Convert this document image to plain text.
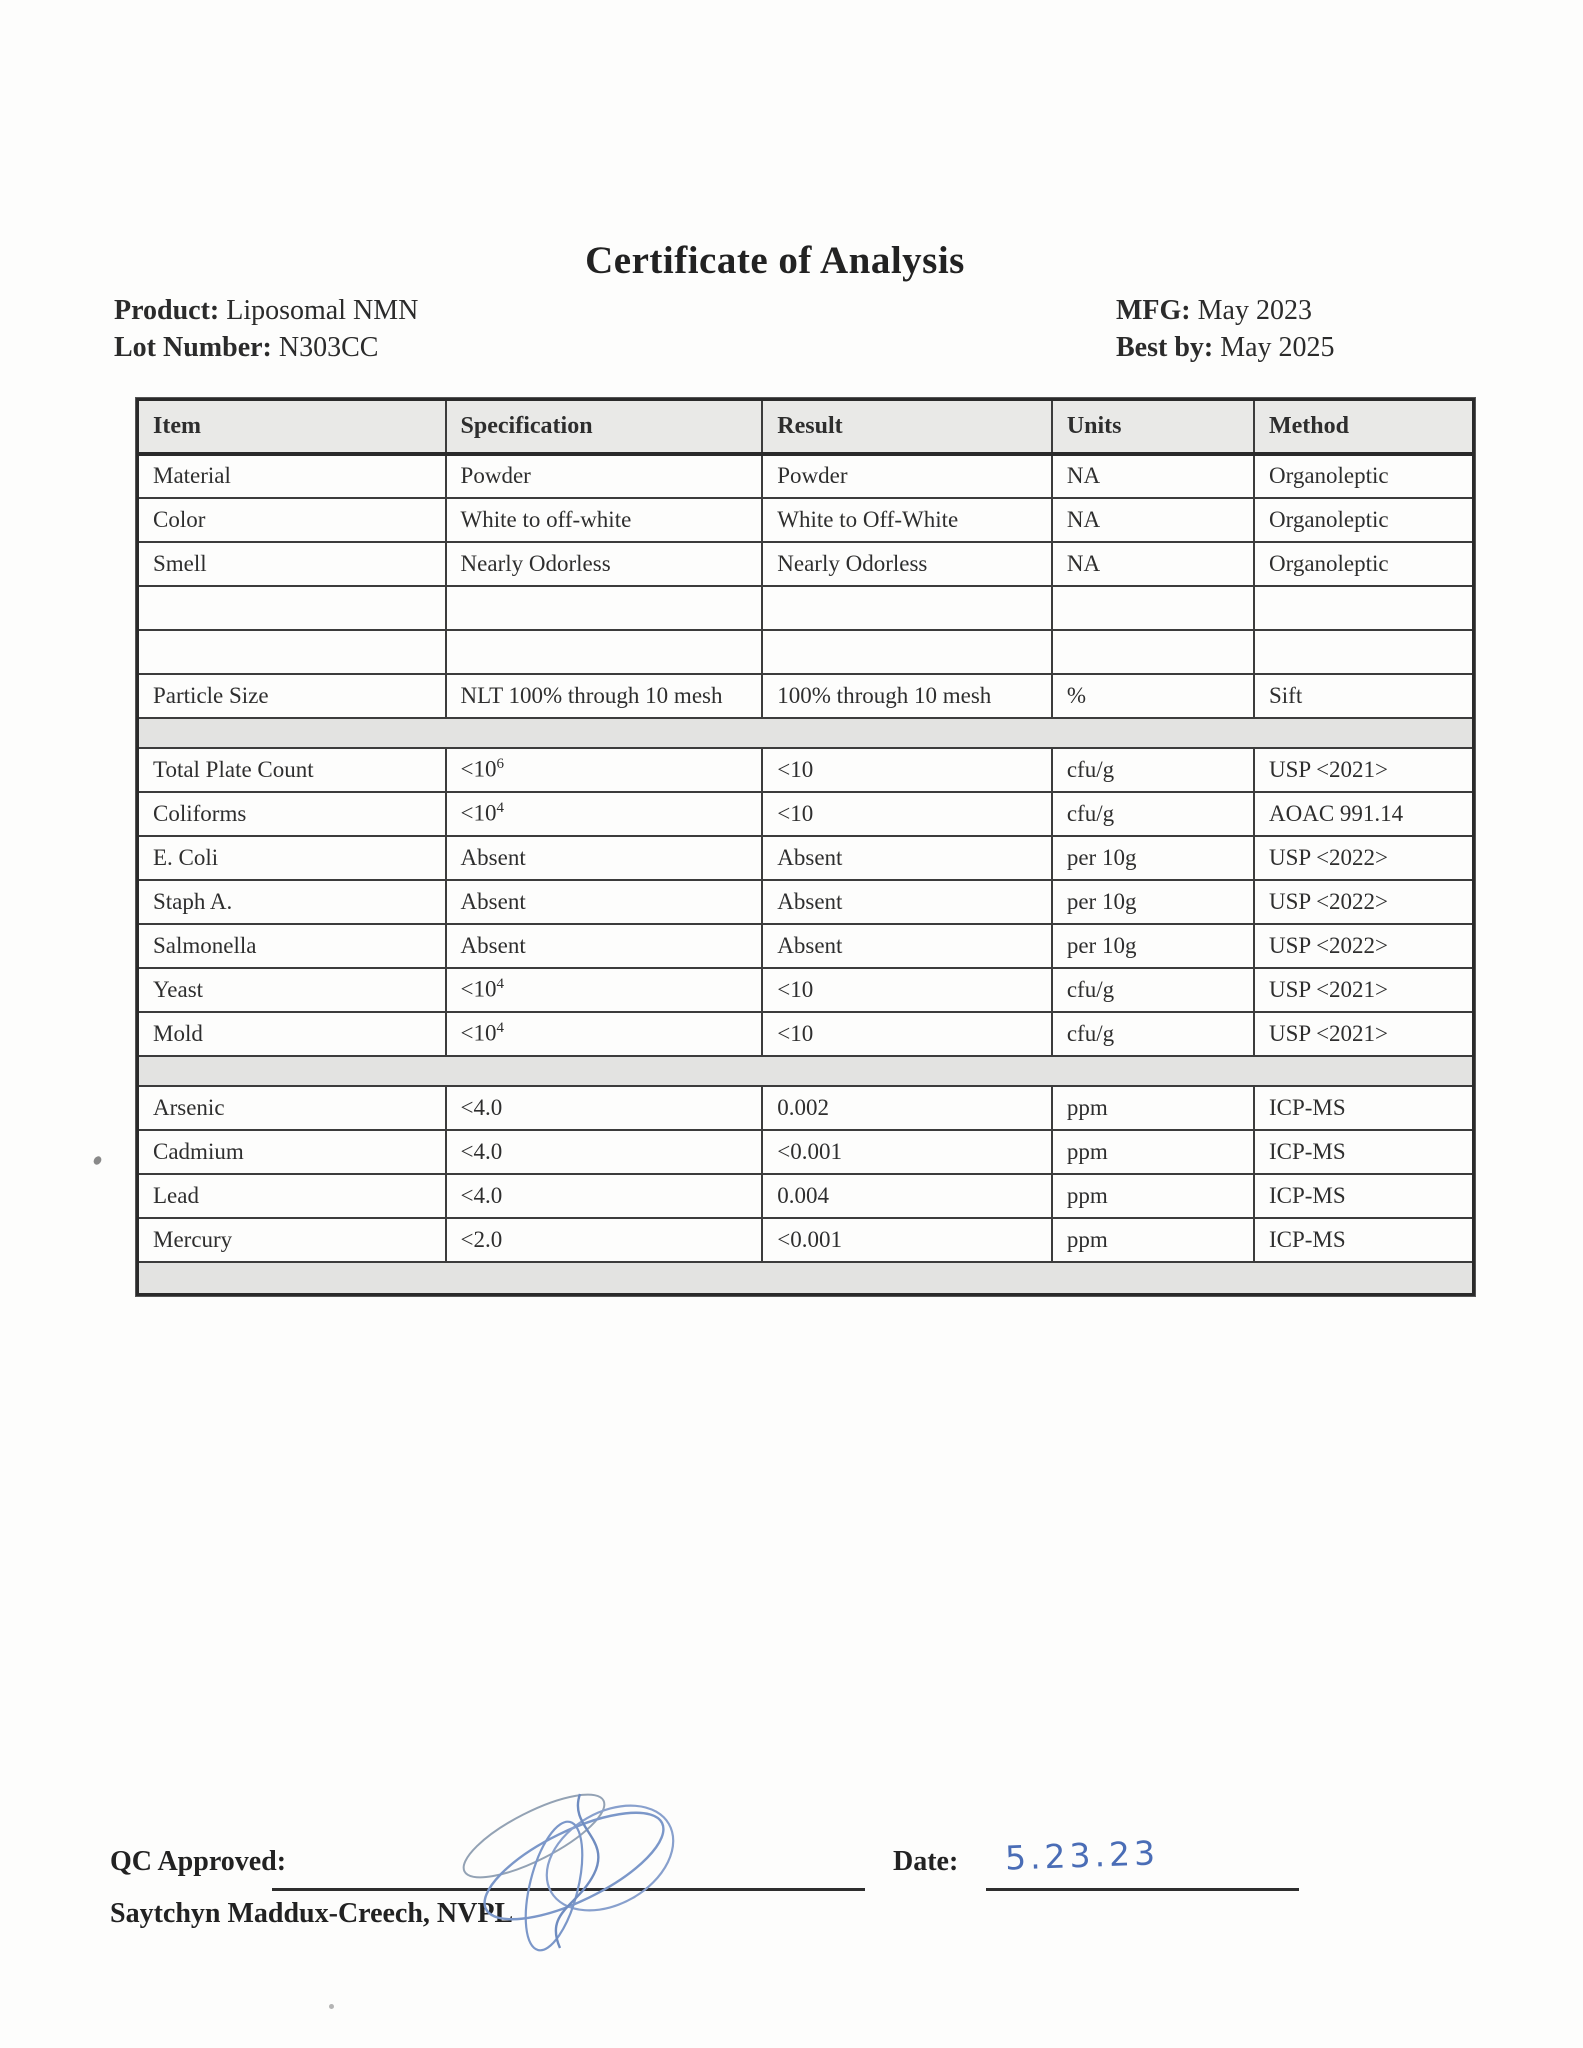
Certificate of Analysis
Product: Liposomal NMN
Lot Number: N303CC
MFG: May 2023
Best by: May 2025
Item	Specification	Result	Units	Method
Material	Powder	Powder	NA	Organoleptic
Color	White to off-white	White to Off-White	NA	Organoleptic
Smell	Nearly Odorless	Nearly Odorless	NA	Organoleptic

Particle Size	NLT 100% through 10 mesh	100% through 10 mesh	%	Sift

Total Plate Count	$<10^6$	<10	cfu/g	USP <2021>
Coliforms	$<10^4$	<10	cfu/g	AOAC 991.14
E. Coli	Absent	Absent	per 10g	USP <2022>
Staph A.	Absent	Absent	per 10g	USP <2022>
Salmonella	Absent	Absent	per 10g	USP <2022>
Yeast	$<10^4$	<10	cfu/g	USP <2021>
Mold	$<10^4$	<10	cfu/g	USP <2021>

Arsenic	<4.0	0.002	ppm	ICP-MS
Cadmium	<4.0	<0.001	ppm	ICP-MS
Lead	<4.0	0.004	ppm	ICP-MS
Mercury	<2.0	<0.001	ppm	ICP-MS

QC Approved:	Date: 5.23.23
Saytchyn Maddux-Creech, NVPL
